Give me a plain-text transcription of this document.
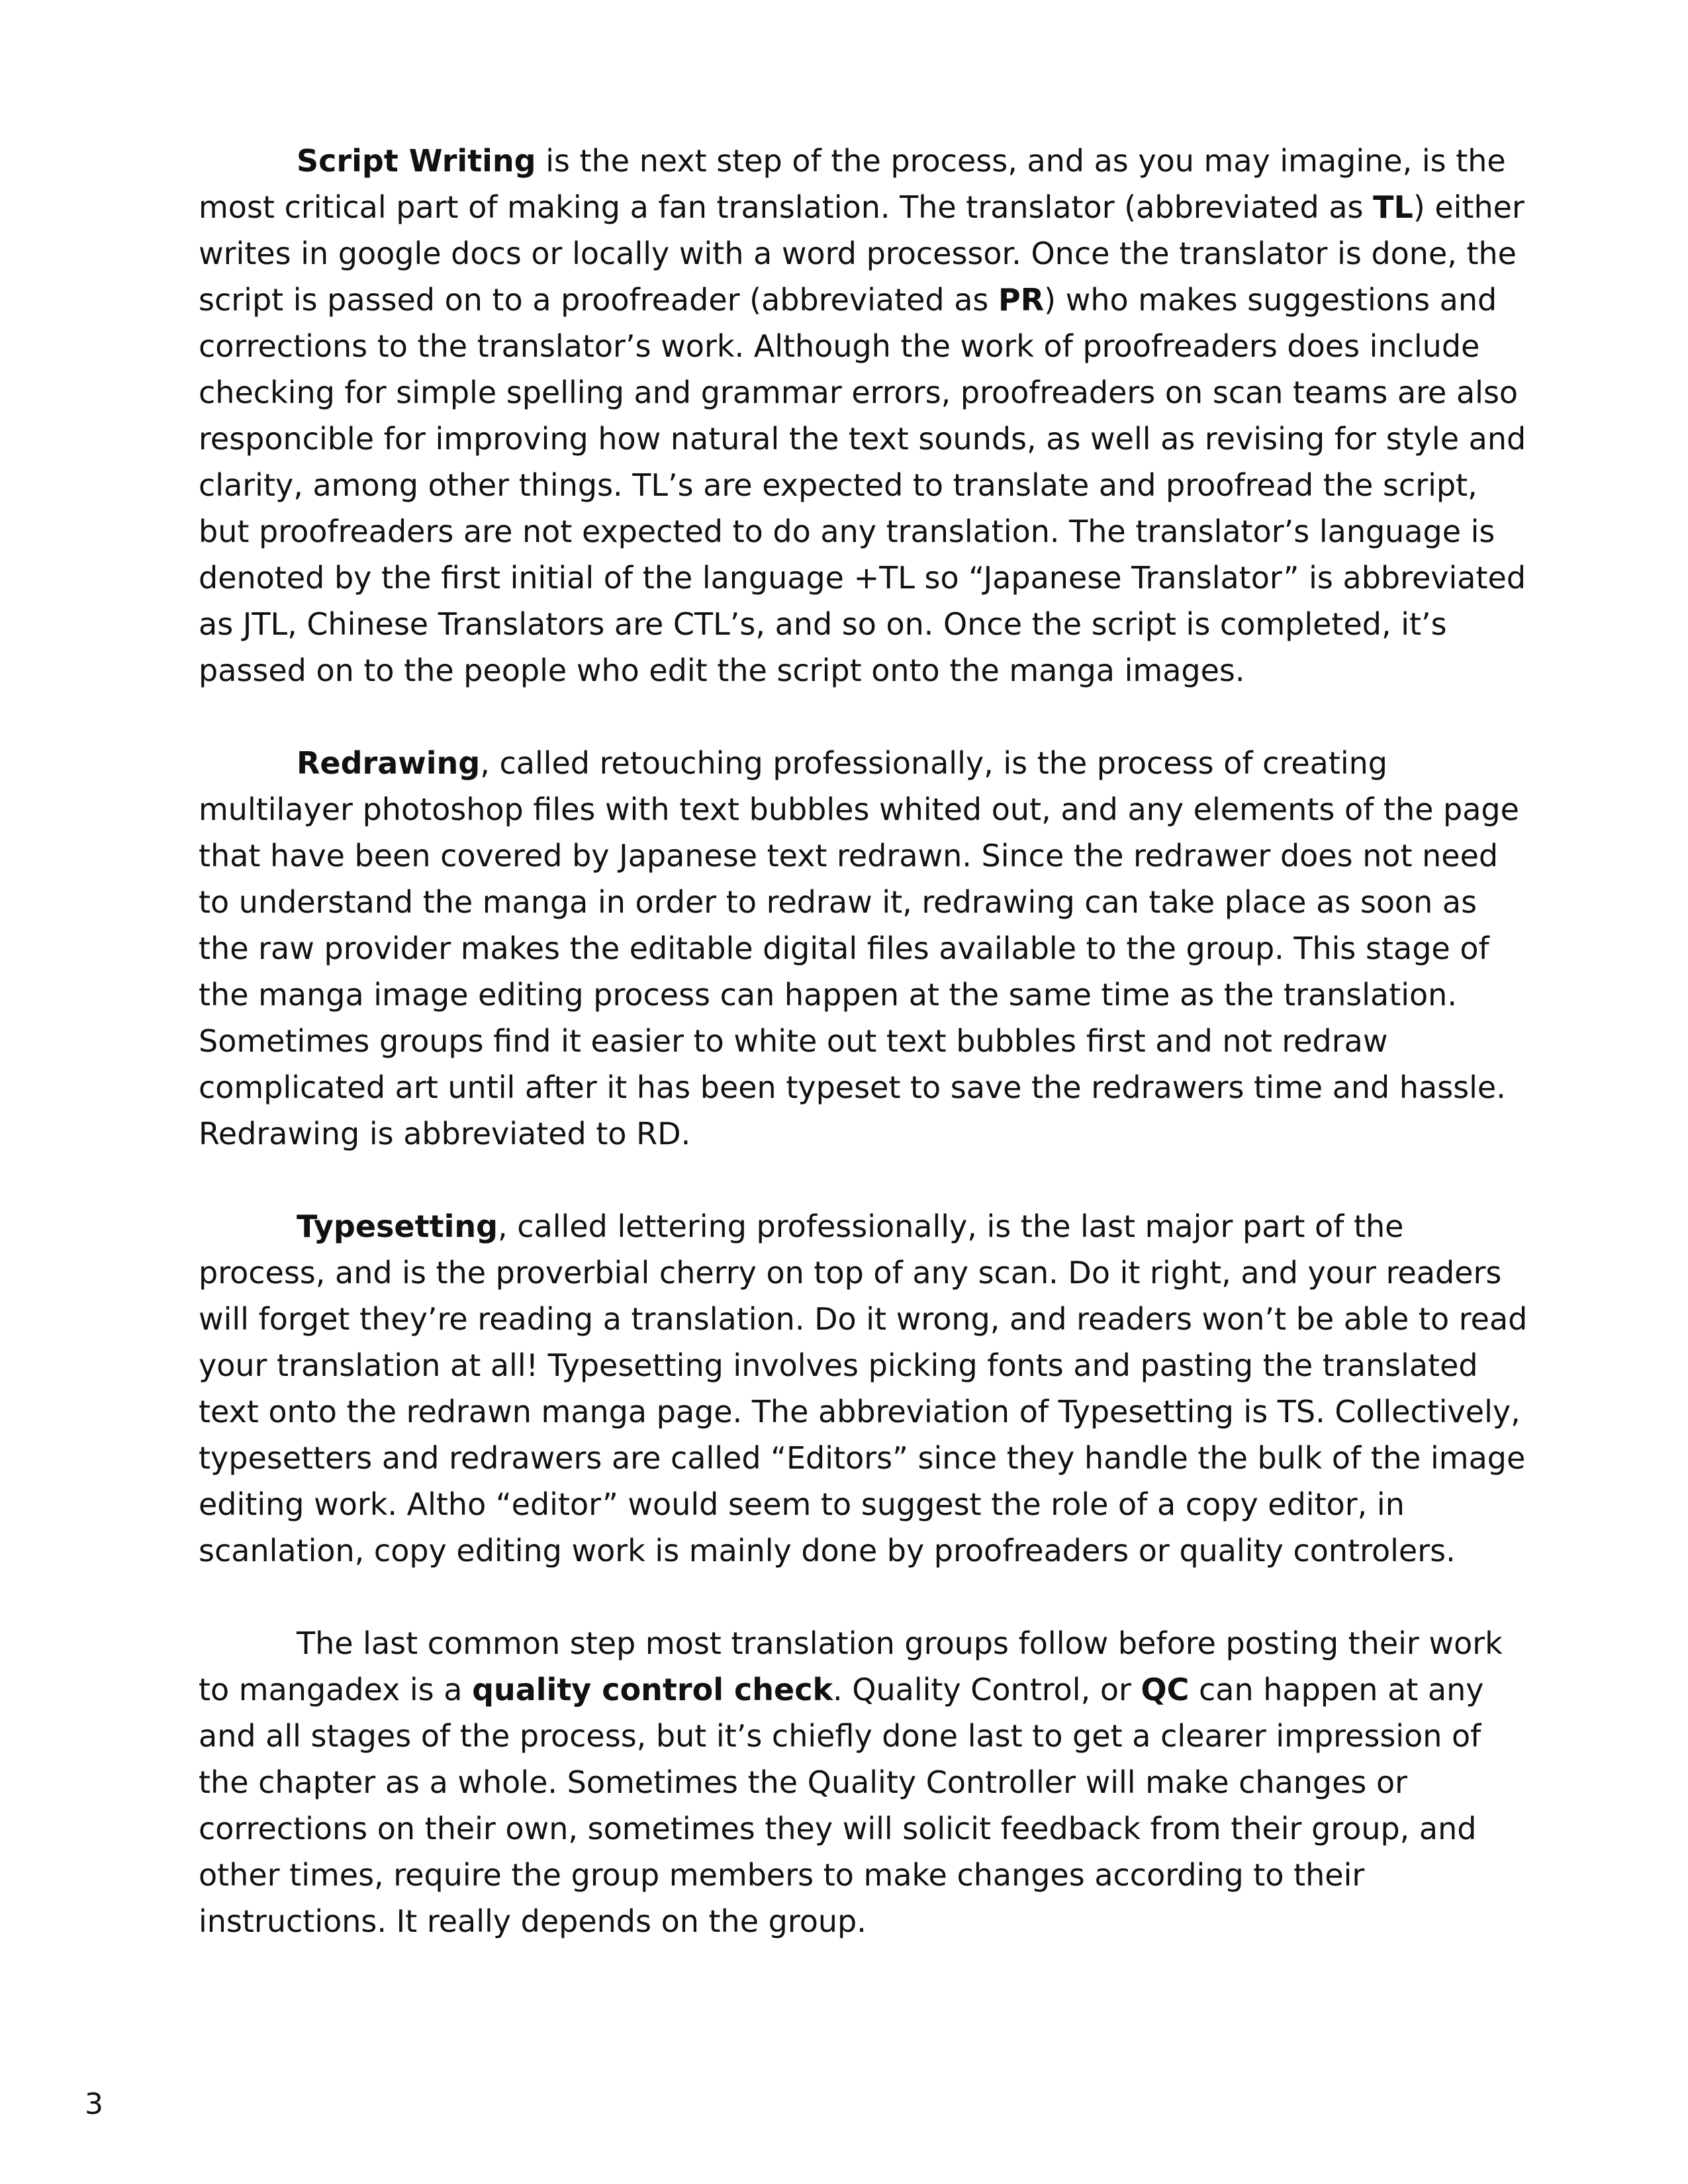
Script Writing is the next step of the process, and as you may imagine, is the most critical part of making a fan translation. The translator (abbreviated as TL) either writes in google docs or locally with a word processor. Once the translator is done, the script is passed on to a proofreader (abbreviated as PR) who makes suggestions and corrections to the translator’s work. Although the work of proofreaders does include checking for simple spelling and grammar errors, proofreaders on scan teams are also responcible for improving how natural the text sounds, as well as revising for style and clarity, among other things. TL’s are expected to translate and proofread the script, but proofreaders are not expected to do any translation. The translator’s language is denoted by the first initial of the language +TL so “Japanese Translator” is abbreviated as JTL, Chinese Translators are CTL’s, and so on. Once the script is completed, it’s passed on to the people who edit the script onto the manga images.

Redrawing, called retouching professionally, is the process of creating multilayer photoshop files with text bubbles whited out, and any elements of the page that have been covered by Japanese text redrawn. Since the redrawer does not need to understand the manga in order to redraw it, redrawing can take place as soon as the raw provider makes the editable digital files available to the group. This stage of the manga image editing process can happen at the same time as the translation. Sometimes groups find it easier to white out text bubbles first and not redraw complicated art until after it has been typeset to save the redrawers time and hassle. Redrawing is abbreviated to RD.

Typesetting, called lettering professionally, is the last major part of the process, and is the proverbial cherry on top of any scan. Do it right, and your readers will forget they’re reading a translation. Do it wrong, and readers won’t be able to read your translation at all! Typesetting involves picking fonts and pasting the translated text onto the redrawn manga page. The abbreviation of Typesetting is TS. Collectively, typesetters and redrawers are called “Editors” since they handle the bulk of the image editing work. Altho “editor” would seem to suggest the role of a copy editor, in scanlation, copy editing work is mainly done by proofreaders or quality controlers.

The last common step most translation groups follow before posting their work to mangadex is a quality control check. Quality Control, or QC can happen at any and all stages of the process, but it’s chiefly done last to get a clearer impression of the chapter as a whole. Sometimes the Quality Controller will make changes or corrections on their own, sometimes they will solicit feedback from their group, and other times, require the group members to make changes according to their instructions. It really depends on the group.

3
